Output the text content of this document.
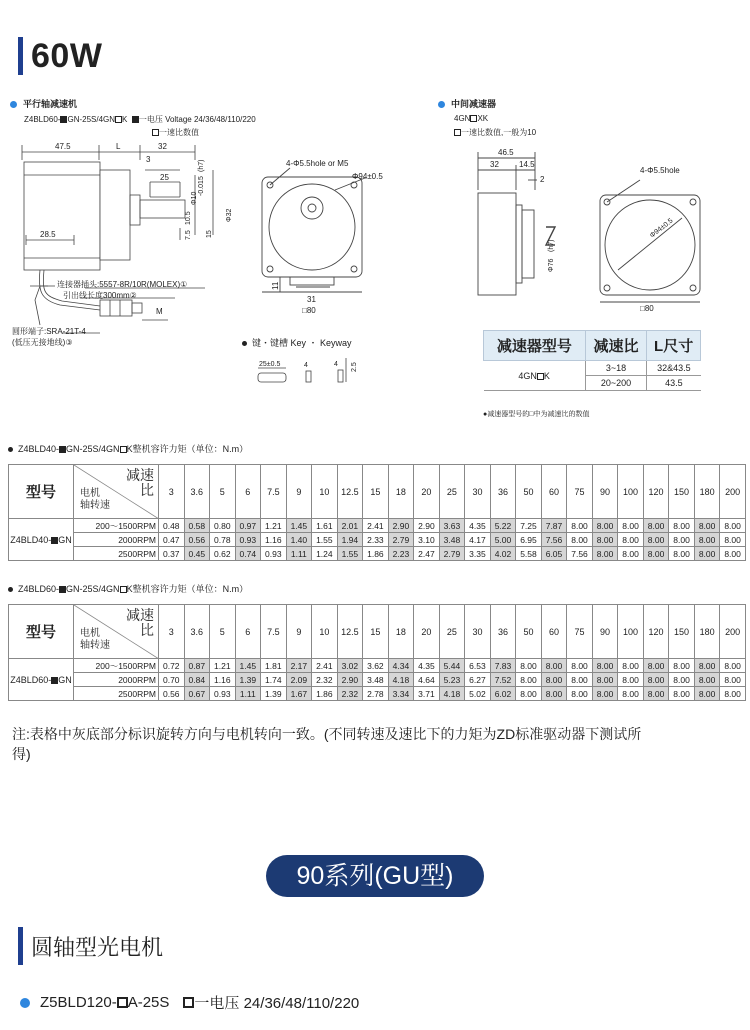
60W
平行轴减速机
Z4BLD60- GN-25S/4GN K 一电压 Voltage 24/36/48/110/220
一速比数值
47.5	L	32
3
25
28.5
M
Φ10
-0.015
(h7)
Φ32
7.5 15
10.5
连接器插头:5557-8R/10R(MOLEX)①
引出线长度300mm②
圆形端子:SRA-21T-4
(低压无接地线)③
4-Φ5.5hole or M5
Φ94±0.5
31
□80
11
中间减速器
4GN XK
一速比数值,一般为10
46.5
32	14.5
2
Φ76
(h7)
4-Φ5.5hole
□80
Φ94±0.5
键・键槽 Key ・ Keyway
25±0.5	4	4 2.5
减速器型号	减速比	L尺寸
4GN K	3~18	32&43.5
	20~200	43.5
●减速器型号的□中为减速比的数值
Z4BLD40- GN-25S/4GN K整机容许力矩（单位：N.m）
型号	减速
比
电机
轴转速	3	3.6	5	6	7.5	9	10	12.5	15	18	20	25	30	36	50	60	75	90	100	120	150	180	200
Z4BLD40- GN	200～1500RPM	0.48	0.58	0.80	0.97	1.21	1.45	1.61	2.01	2.41	2.90	2.90	3.63	4.35	5.22	7.25	7.87	8.00	8.00	8.00	8.00	8.00	8.00	8.00
	2000RPM	0.47	0.56	0.78	0.93	1.16	1.40	1.55	1.94	2.33	2.79	3.10	3.48	4.17	5.00	6.95	7.56	8.00	8.00	8.00	8.00	8.00	8.00	8.00
	2500RPM	0.37	0.45	0.62	0.74	0.93	1.11	1.24	1.55	1.86	2.23	2.47	2.79	3.35	4.02	5.58	6.05	7.56	8.00	8.00	8.00	8.00	8.00	8.00
Z4BLD60- GN-25S/4GN K整机容许力矩（单位：N.m）
型号	减速
比
电机
轴转速	3	3.6	5	6	7.5	9	10	12.5	15	18	20	25	30	36	50	60	75	90	100	120	150	180	200
Z4BLD60- GN	200～1500RPM	0.72	0.87	1.21	1.45	1.81	2.17	2.41	3.02	3.62	4.34	4.35	5.44	6.53	7.83	8.00	8.00	8.00	8.00	8.00	8.00	8.00	8.00	8.00
	2000RPM	0.70	0.84	1.16	1.39	1.74	2.09	2.32	2.90	3.48	4.18	4.64	5.23	6.27	7.52	8.00	8.00	8.00	8.00	8.00	8.00	8.00	8.00	8.00
	2500RPM	0.56	0.67	0.93	1.11	1.39	1.67	1.86	2.32	2.78	3.34	3.71	4.18	5.02	6.02	8.00	8.00	8.00	8.00	8.00	8.00	8.00	8.00	8.00
注:表格中灰底部分标识旋转方向与电机转向一致。(不同转速及速比下的力矩为ZD标准驱动器下测试所得)
90系列(GU型)
圆轴型光电机
Z5BLD120- A-25S 一电压 24/36/48/110/220
